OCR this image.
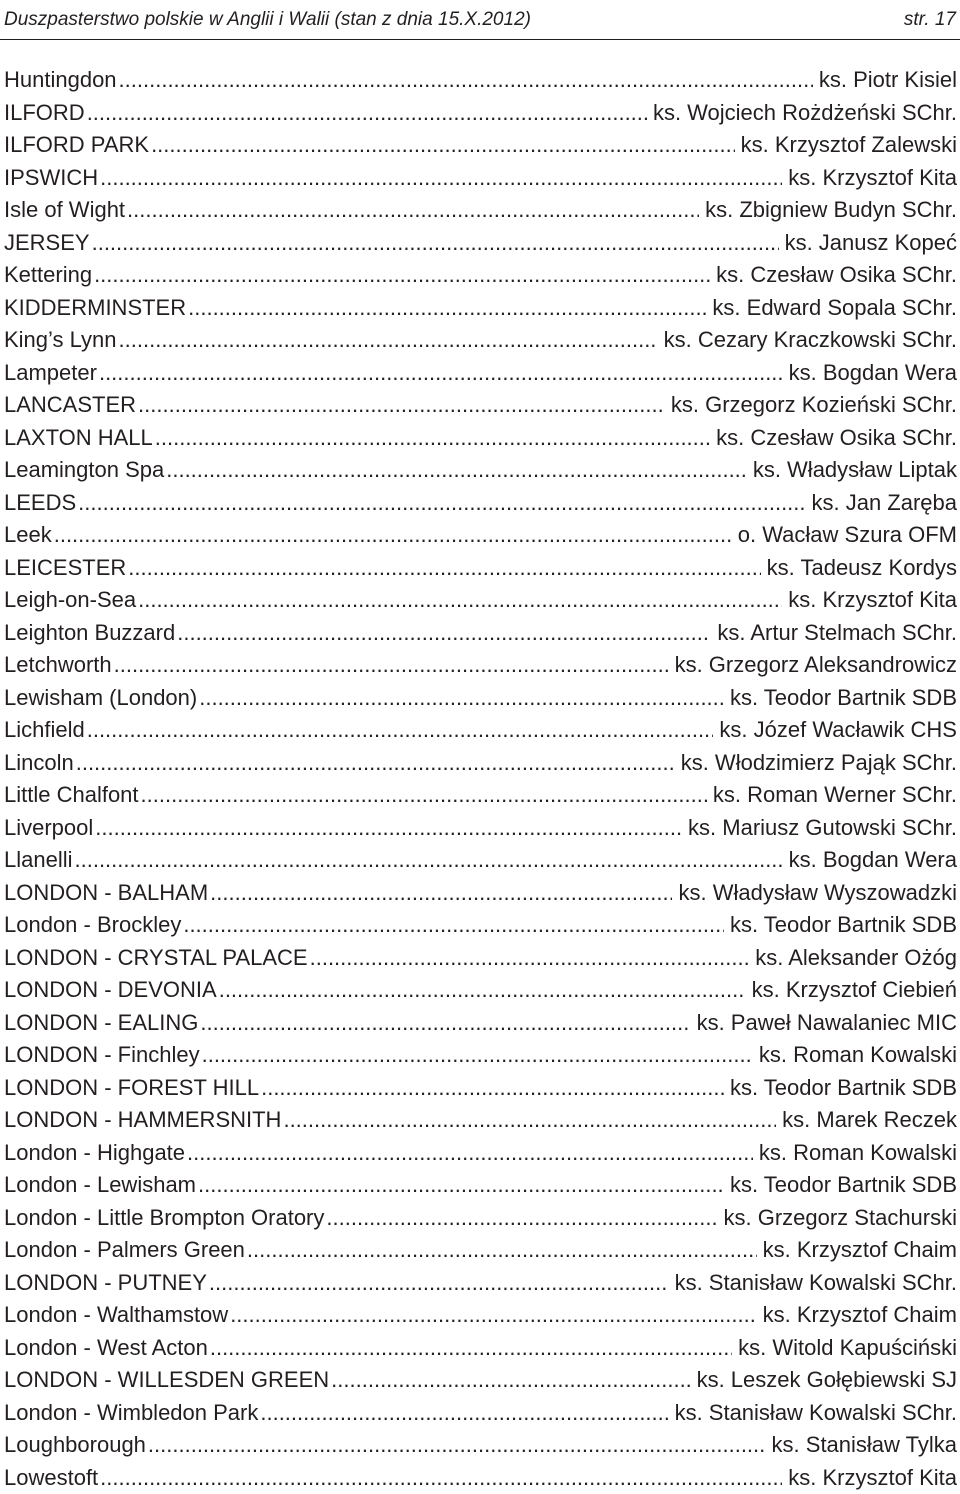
Duszpasterstwo polskie w Anglii i Walii (stan z dnia 15.X.2012)	str. 17
Huntingdon .....	ks. Piotr Kisiel
ILFORD .....	ks. Wojciech Rożdżeński SChr.
ILFORD PARK .....	ks. Krzysztof Zalewski
IPSWICH .....	ks. Krzysztof Kita
Isle of Wight .....	ks. Zbigniew Budyn SChr.
JERSEY .....	ks. Janusz Kopeć
Kettering .....	ks. Czesław Osika SChr.
KIDDERMINSTER .....	ks. Edward Sopala SChr.
King’s Lynn .....	ks. Cezary Kraczkowski SChr.
Lampeter .....	ks. Bogdan Wera
LANCASTER .....	ks. Grzegorz Kozieński SChr.
LAXTON HALL .....	ks. Czesław Osika SChr.
Leamington Spa .....	ks. Władysław Liptak
LEEDS .....	ks. Jan Zaręba
Leek .....	o. Wacław Szura OFM
LEICESTER .....	ks. Tadeusz Kordys
Leigh-on-Sea .....	ks. Krzysztof Kita
Leighton Buzzard .....	ks. Artur Stelmach SChr.
Letchworth .....	ks. Grzegorz Aleksandrowicz
Lewisham (London) .....	ks. Teodor Bartnik SDB
Lichfield .....	ks. Józef Wacławik CHS
Lincoln .....	ks. Włodzimierz Pająk SChr.
Little Chalfont .....	ks. Roman Werner SChr.
Liverpool .....	ks. Mariusz Gutowski SChr.
Llanelli .....	ks. Bogdan Wera
LONDON - BALHAM .....	ks. Władysław Wyszowadzki
London - Brockley .....	ks. Teodor Bartnik SDB
LONDON - CRYSTAL PALACE .....	ks. Aleksander Ożóg
LONDON - DEVONIA .....	ks. Krzysztof Ciebień
LONDON - EALING .....	ks. Paweł Nawalaniec MIC
LONDON - Finchley .....	ks. Roman Kowalski
LONDON - FOREST HILL .....	ks. Teodor Bartnik SDB
LONDON - HAMMERSNITH .....	ks. Marek Reczek
London - Highgate .....	ks. Roman Kowalski
London - Lewisham .....	ks. Teodor Bartnik SDB
London - Little Brompton Oratory .....	ks. Grzegorz Stachurski
London - Palmers Green .....	ks. Krzysztof Chaim
LONDON - PUTNEY .....	ks. Stanisław Kowalski SChr.
London - Walthamstow .....	ks. Krzysztof Chaim
London - West Acton .....	ks. Witold Kapuściński
LONDON - WILLESDEN GREEN .....	ks. Leszek Gołębiewski SJ
London - Wimbledon Park .....	ks. Stanisław Kowalski SChr.
Loughborough .....	ks. Stanisław Tylka
Lowestoft .....	ks. Krzysztof Kita
